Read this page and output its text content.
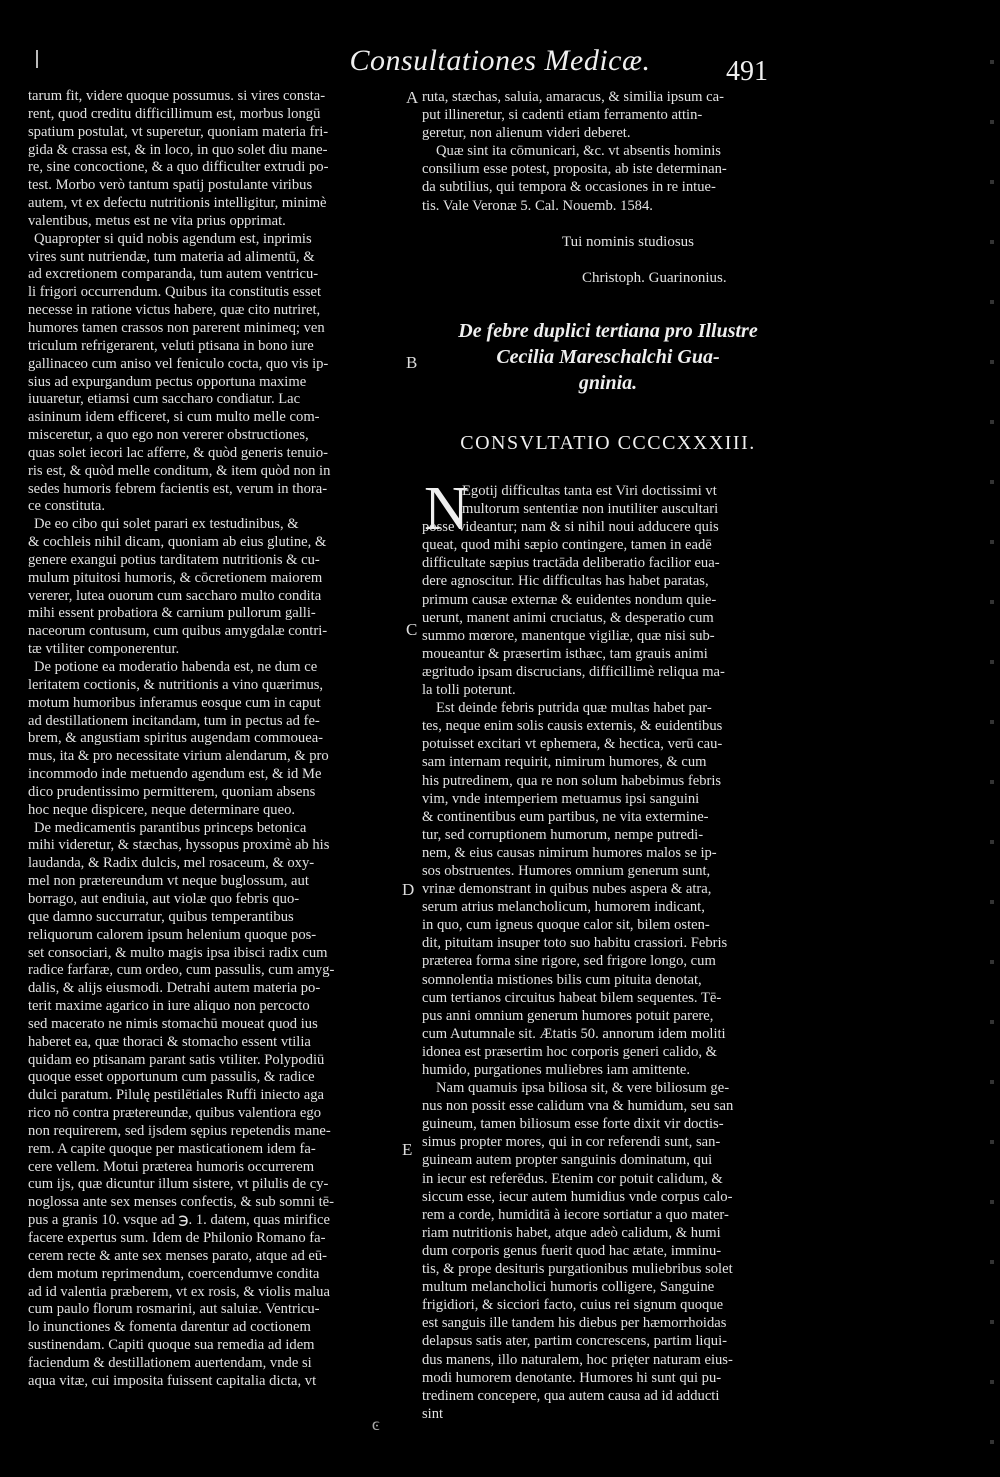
Consultationes Medicæ.	491
tarum fit, videre quoque possumus. si vires consta-
rent, quod creditu difficillimum est, morbus longū
spatium postulat, vt superetur, quoniam materia fri-
gida & crassa est, & in loco, in quo solet diu mane-
re, sine concoctione, & a quo difficulter extrudi po-
test. Morbo verò tantum spatij postulante viribus
autem, vt ex defectu nutritionis intelligitur, minimè
valentibus, metus est ne vita prius opprimat.
Quapropter si quid nobis agendum est, inprimis
vires sunt nutriendæ, tum materia ad alimentū, &
ad excretionem comparanda, tum autem ventricu-
li frigori occurrendum. Quibus ita constitutis esset
necesse in ratione victus habere, quæ cito nutriret,
humores tamen crassos non parerent minimeq; ven
triculum refrigerarent, veluti ptisana in bono iure
gallinaceo cum aniso vel feniculo cocta, quo vis ip-
sius ad expurgandum pectus opportuna maxime
iuuaretur, etiamsi cum saccharo condiatur. Lac
asininum idem efficeret, si cum multo melle com-
misceretur, a quo ego non vererer obstructiones,
quas solet iecori lac afferre, & quòd generis tenuio-
ris est, & quòd melle conditum, & item quòd non in
sedes humoris febrem facientis est, verum in thora-
ce constituta.
De eo cibo qui solet parari ex testudinibus, &
& cochleis nihil dicam, quoniam ab eius glutine, &
genere exangui potius tarditatem nutritionis & cu-
mulum pituitosi humoris, & cōcretionem maiorem
vererer, lutea ouorum cum saccharo multo condita
mihi essent probatiora & carnium pullorum galli-
naceorum contusum, cum quibus amygdalæ contri-
tæ vtiliter componerentur.
De potione ea moderatio habenda est, ne dum ce
leritatem coctionis, & nutritionis a vino quærimus,
motum humoribus inferamus eosque cum in caput
ad destillationem incitandam, tum in pectus ad fe-
brem, & angustiam spiritus augendam commouea-
mus, ita & pro necessitate virium alendarum, & pro
incommodo inde metuendo agendum est, & id Me
dico prudentissimo permitterem, quoniam absens
hoc neque dispicere, neque determinare queo.
De medicamentis parantibus princeps betonica
mihi videretur, & stæchas, hyssopus proximè ab his
laudanda, & Radix dulcis, mel rosaceum, & oxy-
mel non prætereundum vt neque buglossum, aut
borrago, aut endiuia, aut violæ quo febris quo-
que damno succurratur, quibus temperantibus
reliquorum calorem ipsum helenium quoque pos-
set consociari, & multo magis ipsa ibisci radix cum
radice farfaræ, cum ordeo, cum passulis, cum amyg-
dalis, & alijs eiusmodi. Detrahi autem materia po-
terit maxime agarico in iure aliquo non percocto
sed macerato ne nimis stomachū moueat quod ius
haberet ea, quæ thoraci & stomacho essent vtilia
quidam eo ptisanam parant satis vtiliter. Polypodiū
quoque esset opportunum cum passulis, & radice
dulci paratum. Pilulę pestilētiales Ruffi iniecto aga
rico nō contra prætereundæ, quibus valentiora ego
non requirerem, sed ijsdem sępius repetendis mane-
rem. A capite quoque per masticationem idem fa-
cere vellem. Motui præterea humoris occurrerem
cum ijs, quæ dicuntur illum sistere, vt pilulis de cy-
noglossa ante sex menses confectis, & sub somni tē-
pus a granis 10. vsque ad ℈. 1. datem, quas mirifice
facere expertus sum. Idem de Philonio Romano fa-
cerem recte & ante sex menses parato, atque ad eū-
dem motum reprimendum, coercendumve condita
ad id valentia præberem, vt ex rosis, & violis malua
cum paulo florum rosmarini, aut saluiæ. Ventricu-
lo inunctiones & fomenta darentur ad coctionem
sustinendam. Capiti quoque sua remedia ad idem
faciendum & destillationem auertendam, vnde si
aqua vitæ, cui imposita fuissent capitalia dicta, vt
A
B
C
D
E
ruta, stæchas, saluia, amaracus, & similia ipsum ca-
put illineretur, si cadenti etiam ferramento attin-
geretur, non alienum videri deberet.
Quæ sint ita cōmunicari, &c. vt absentis hominis
consilium esse potest, proposita, ab iste determinan-
da subtilius, qui tempora & occasiones in re intue-
tis. Vale Veronæ 5. Cal. Nouemb. 1584.
Tui nominis studiosus
Christoph. Guarinonius.
De febre duplici tertiana pro Illustre
Cecilia Mareschalchi Gua-
gninia.
CONSVLTATIO CCCCXXXIII.
N
Egotij difficultas tanta est Viri doctissimi vt
multorum sententiæ non inutiliter auscultari
posse videantur; nam & si nihil noui adducere quis
queat, quod mihi sæpio contingere, tamen in eadē
difficultate sæpius tractāda deliberatio facilior eua-
dere agnoscitur. Hic difficultas has habet paratas,
primum causæ externæ & euidentes nondum quie-
uerunt, manent animi cruciatus, & desperatio cum
summo mœrore, manentque vigiliæ, quæ nisi sub-
moueantur & præsertim isthæc, tam grauis animi
ægritudo ipsam discrucians, difficillimè reliqua ma-
la tolli poterunt.
Est deinde febris putrida quæ multas habet par-
tes, neque enim solis causis externis, & euidentibus
potuisset excitari vt ephemera, & hectica, verū cau-
sam internam requirit, nimirum humores, & cum
his putredinem, qua re non solum habebimus febris
vim, vnde intemperiem metuamus ipsi sanguini
& continentibus eum partibus, ne vita extermine-
tur, sed corruptionem humorum, nempe putredi-
nem, & eius causas nimirum humores malos se ip-
sos obstruentes. Humores omnium generum sunt,
vrinæ demonstrant in quibus nubes aspera & atra,
serum atrius melancholicum, humorem indicant,
in quo, cum igneus quoque calor sit, bilem osten-
dit, pituitam insuper toto suo habitu crassiori. Febris
præterea forma sine rigore, sed frigore longo, cum
somnolentia mistiones bilis cum pituita denotat,
cum tertianos circuitus habeat bilem sequentes. Tē-
pus anni omnium generum humores potuit parere,
cum Autumnale sit. Ætatis 50. annorum idem moliti
idonea est præsertim hoc corporis generi calido, &
humido, purgationes muliebres iam amittente.
Nam quamuis ipsa biliosa sit, & vere biliosum ge-
nus non possit esse calidum vna & humidum, seu san
guineum, tamen biliosum esse forte dixit vir doctis-
simus propter mores, qui in cor referendi sunt, san-
guineam autem propter sanguinis dominatum, qui
in iecur est referēdus. Etenim cor potuit calidum, &
siccum esse, iecur autem humidius vnde corpus calo-
rem a corde, humiditā à iecore sortiatur a quo mater-
riam nutritionis habet, atque adeò calidum, & humi
dum corporis genus fuerit quod hac ætate, imminu-
tis, & prope desituris purgationibus muliebribus solet
multum melancholici humoris colligere, Sanguine
frigidiori, & sicciori facto, cuius rei signum quoque
est sanguis ille tandem his diebus per hæmorrhoidas
delapsus satis ater, partim concrescens, partim liqui-
dus manens, illo naturalem, hoc prięter naturam eius-
modi humorem denotante. Humores hi sunt qui pu-
tredinem concepere, qua autem causa ad id adducti
sint
ͼ
